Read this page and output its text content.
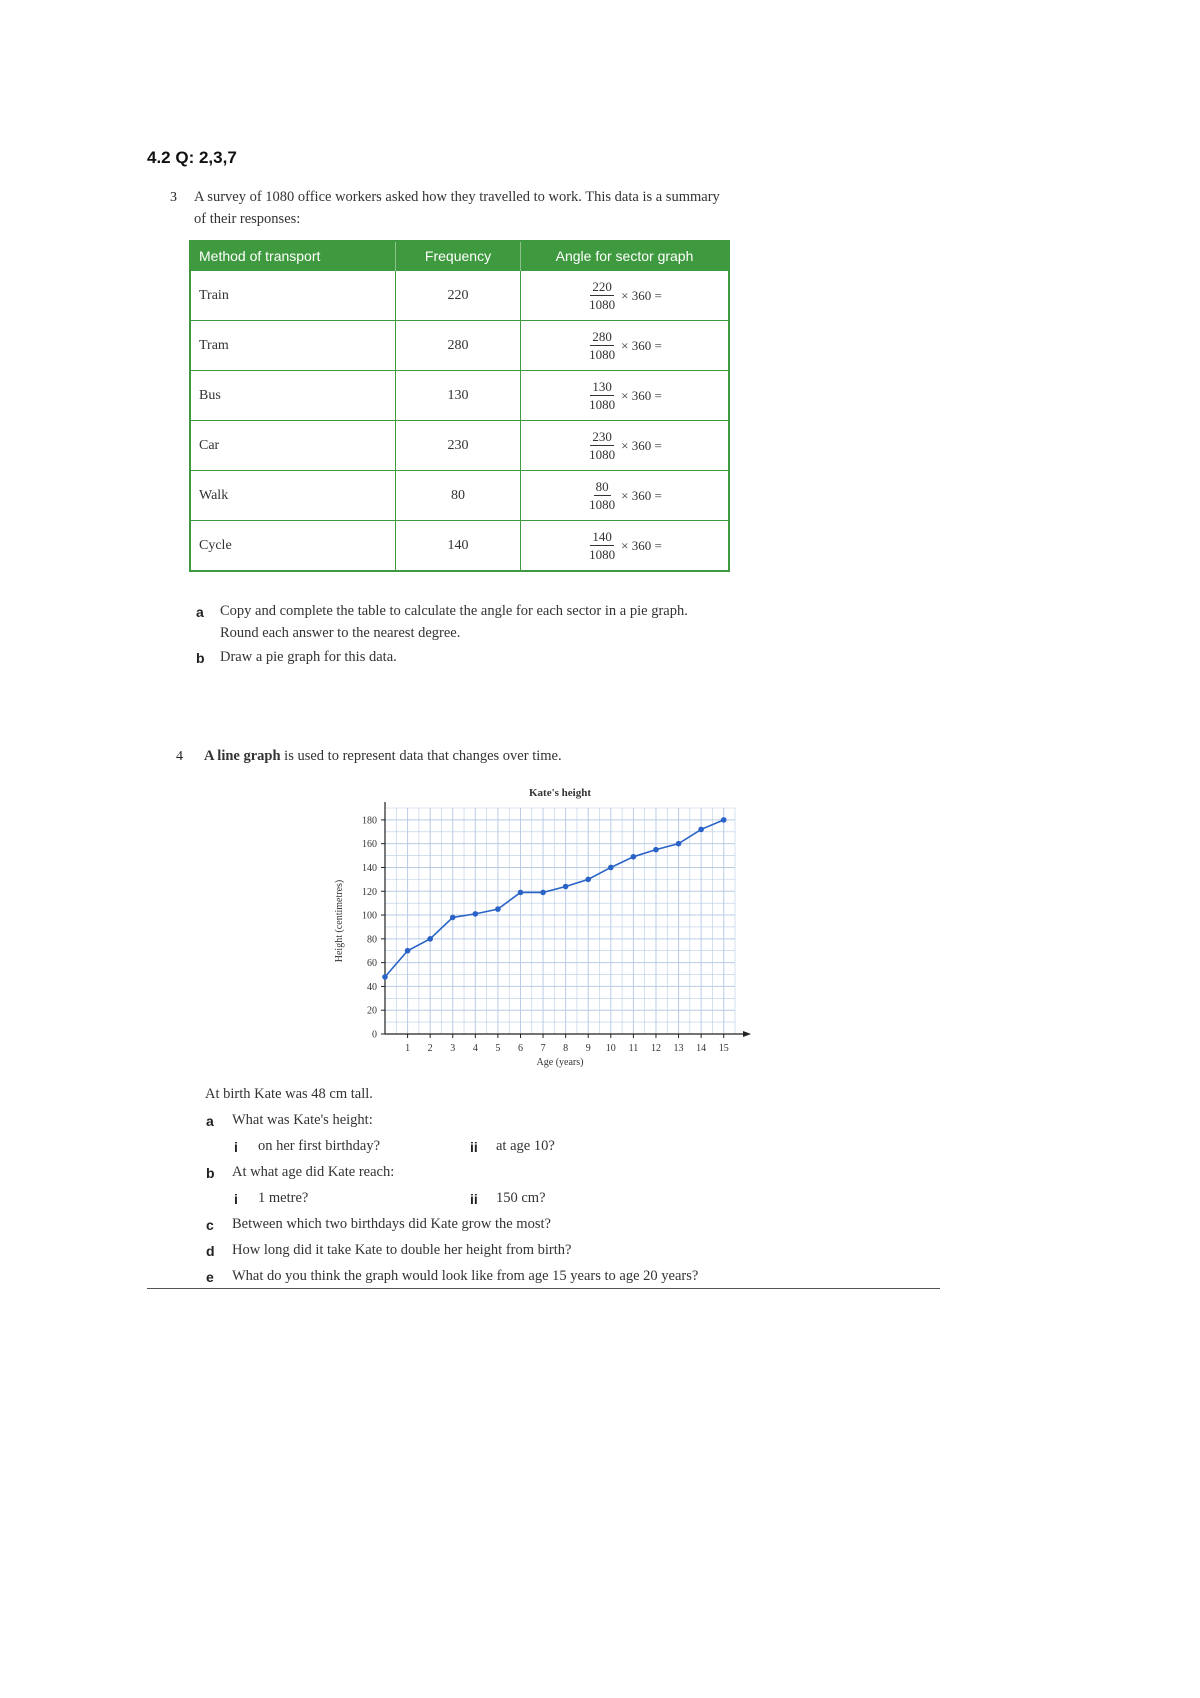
4.2 Q: 2,3,7
3 A survey of 1080 office workers asked how they travelled to work. This data is a summary
of their responses:
Method of transport	Frequency	Angle for sector graph
Train	220	$\frac{220}{1080} \times 360$ =

Tram	280	$\frac{280}{1080} \times 360$ =

Bus	130	$\frac{130}{1080} \times 360$ =

Car	230	$\frac{230}{1080} \times 360$ =

Walk	80	$\frac{80}{1080} \times 360$ =

Cycle	140	$\frac{140}{1080} \times 360$ =
a Copy and complete the table to calculate the angle for each sector in a pie graph.
Round each answer to the nearest degree.
b Draw a pie graph for this data.
4 A line graph is used to represent data that changes over time.
0
20
40
60
80
100
120
140
160
180
1 2 3 4 5 6 7 8 9 10 11 12 13 14 15
Kate's height
Age (years)
Height (centimetres)
At birth Kate was 48 cm tall.
a What was Kate's height:
i on her first birthday?	ii at age 10?
b At what age did Kate reach:
i 1 metre?	ii 150 cm?
c Between which two birthdays did Kate grow the most?
d How long did it take Kate to double her height from birth?
e What do you think the graph would look like from age 15 years to age 20 years?
